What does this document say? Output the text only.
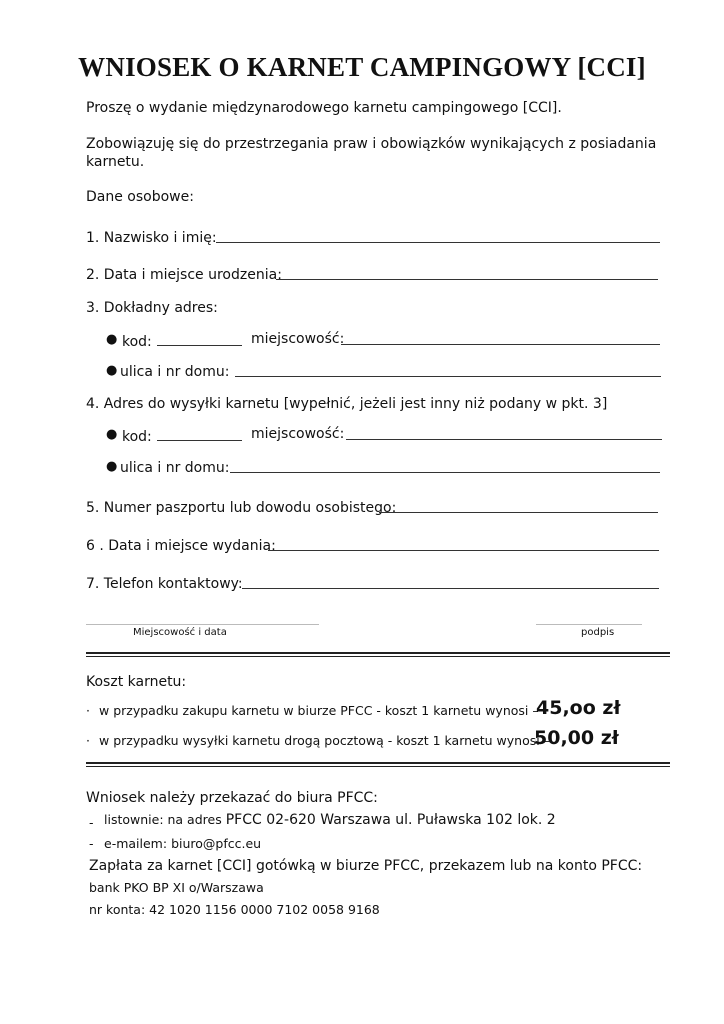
WNIOSEK O KARNET CAMPINGOWY [CCI]
Proszę o wydanie międzynarodowego karnetu campingowego [CCI].
Zobowiązuję się do przestrzegania praw i obowiązków wynikających z posiadania
karnetu.
Dane osobowe:
1. Nazwisko i imię:
2. Data i miejsce urodzenia:
3. Dokładny adres:
● kod:	miejscowość:
● ulica i nr domu:
4. Adres do wysyłki karnetu [wypełnić, jeżeli jest inny niż podany w pkt. 3]
● kod:	miejscowość:
● ulica i nr domu:
5. Numer paszportu lub dowodu osobistego:
6 . Data i miejsce wydania:
7. Telefon kontaktowy:
Miejscowość i data	podpis
Koszt karnetu:
· w przypadku zakupu karnetu w biurze PFCC - koszt 1 karnetu wynosi –
45,oo zł
· w przypadku wysyłki karnetu drogą pocztową - koszt 1 karnetu wynosi –
50,00 zł
Wniosek należy przekazać do biura PFCC:
- listownie: na adres PFCC 02-620 Warszawa ul. Puławska 102 lok. 2
- e-mailem: biuro@pfcc.eu
Zapłata za karnet [CCI] gotówką w biurze PFCC, przekazem lub na konto PFCC:
bank PKO BP XI o/Warszawa
nr konta: 42 1020 1156 0000 7102 0058 9168
